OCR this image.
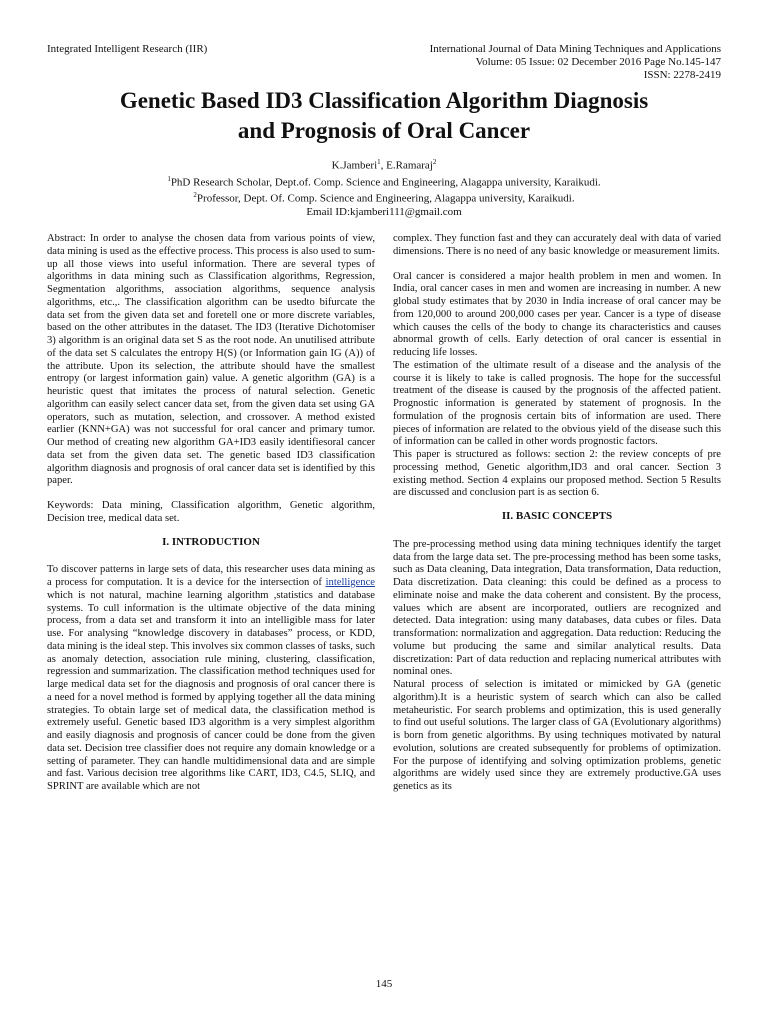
Integrated Intelligent Research (IIR)	International Journal of Data Mining Techniques and Applications
Volume: 05 Issue: 02 December 2016 Page No.145-147
ISSN: 2278-2419
Genetic Based ID3 Classification Algorithm Diagnosis
and Prognosis of Oral Cancer
K.Jamberi$^1$, E.Ramaraj$^2$
$^1$PhD Research Scholar, Dept.of. Comp. Science and Engineering, Alagappa university, Karaikudi.
$^2$Professor, Dept. Of. Comp. Science and Engineering, Alagappa university, Karaikudi.
Email ID:kjamberi111@gmail.com

Abstract: In order to analyse the chosen data from various points of view, data mining is used as the effective process. This process is also used to sum-up all those views into useful information. There are several types of algorithms in data mining such as Classification algorithms, Regression, Segmentation algorithms, association algorithms, sequence analysis algorithms, etc.,. The classification algorithm can be usedto bifurcate the data set from the given data set and foretell one or more discrete variables, based on the other attributes in the dataset. The ID3 (Iterative Dichotomiser 3) algorithm is an original data set S as the root node. An unutilised attribute of the data set S calculates the entropy H(S) (or Information gain IG (A)) of the attribute. Upon its selection, the attribute should have the smallest entropy (or largest information gain) value. A genetic algorithm (GA) is a heuristic quest that imitates the process of natural selection. Genetic algorithm can easily select cancer data set, from the given data set using GA operators, such as mutation, selection, and crossover. A method existed earlier (KNN+GA) was not successful for oral cancer and primary tumor. Our method of creating new algorithm GA+ID3 easily identifiesoral cancer data set from the given data set. The genetic based ID3 classification algorithm diagnosis and prognosis of oral cancer data set is identified by this paper.

Keywords: Data mining, Classification algorithm, Genetic algorithm, Decision tree, medical data set.

I. INTRODUCTION

To discover patterns in large sets of data, this researcher uses data mining as a process for computation. It is a device for the intersection of intelligence which is not natural, machine learning algorithm ,statistics and database systems. To cull information is the ultimate objective of the data mining process, from a data set and transform it into an intelligible mass for later use. For analysing “knowledge discovery in databases” process, or KDD, data mining is the ideal step. This involves six common classes of tasks, such as anomaly detection, association rule mining, clustering, classification, regression and summarization. The classification method techniques used for large medical data set for the diagnosis and prognosis of oral cancer there is a need for a novel method is formed by applying together all the data mining strategies. To obtain large set of medical data, the classification method is extremely useful. Genetic based ID3 algorithm is a very simplest algorithm and easily diagnosis and prognosis of cancer could be done from the given data set. Decision tree classifier does not require any domain knowledge or a setting of parameter. They can handle multidimensional data and are simple and fast. Various decision tree algorithms like CART, ID3, C4.5, SLIQ, and SPRINT are available which are not

complex. They function fast and they can accurately deal with data of varied dimensions. There is no need of any basic knowledge or measurement limits.

Oral cancer is considered a major health problem in men and women. In India, oral cancer cases in men and women are increasing in number. A new global study estimates that by 2030 in India increase of oral cancer may be from 120,000 to around 200,000 cases per year. Cancer is a type of disease which causes the cells of the body to change its characteristics and causes abnormal growth of cells. Early detection of oral cancer is essential in reducing life losses.

The estimation of the ultimate result of a disease and the analysis of the course it is likely to take is called prognosis. The hope for the successful treatment of the disease is caused by the prognosis of the affected patient. Prognostic information is generated by statement of prognosis. In the formulation of the prognosis certain bits of information are used. There pieces of information are related to the obvious yield of the disease such this of information can be called in other words prognostic factors.

This paper is structured as follows: section 2: the review concepts of pre processing method, Genetic algorithm,ID3 and oral cancer. Section 3 existing method. Section 4 explains our proposed method. Section 5 Results are discussed and conclusion part is as section 6.

II. BASIC CONCEPTS

The pre-processing method using data mining techniques identify the target data from the large data set. The pre-processing method has been some tasks, such as Data cleaning, Data integration, Data transformation, Data reduction, Data discretization. Data cleaning: this could be defined as a process to eliminate noise and make the data coherent and consistent. By the process, values which are absent are incorporated, outliers are recognized and detected. Data integration: using many databases, data cubes or files. Data transformation: normalization and aggregation. Data reduction: Reducing the volume but producing the same and similar analytical results. Data discretization: Part of data reduction and replacing numerical attributes with nominal ones.

Natural process of selection is imitated or mimicked by GA (genetic algorithm).It is a heuristic system of search which can also be called metaheuristic. For search problems and optimization, this is used generally to find out useful solutions. The larger class of GA (Evolutionary algorithms) is born from genetic algorithms. By using techniques motivated by natural evolution, solutions are created subsequently for problems of optimization. For the purpose of identifying and solving optimization problems, genetic algorithms are widely used since they are extremely productive.GA uses genetics as its

145
